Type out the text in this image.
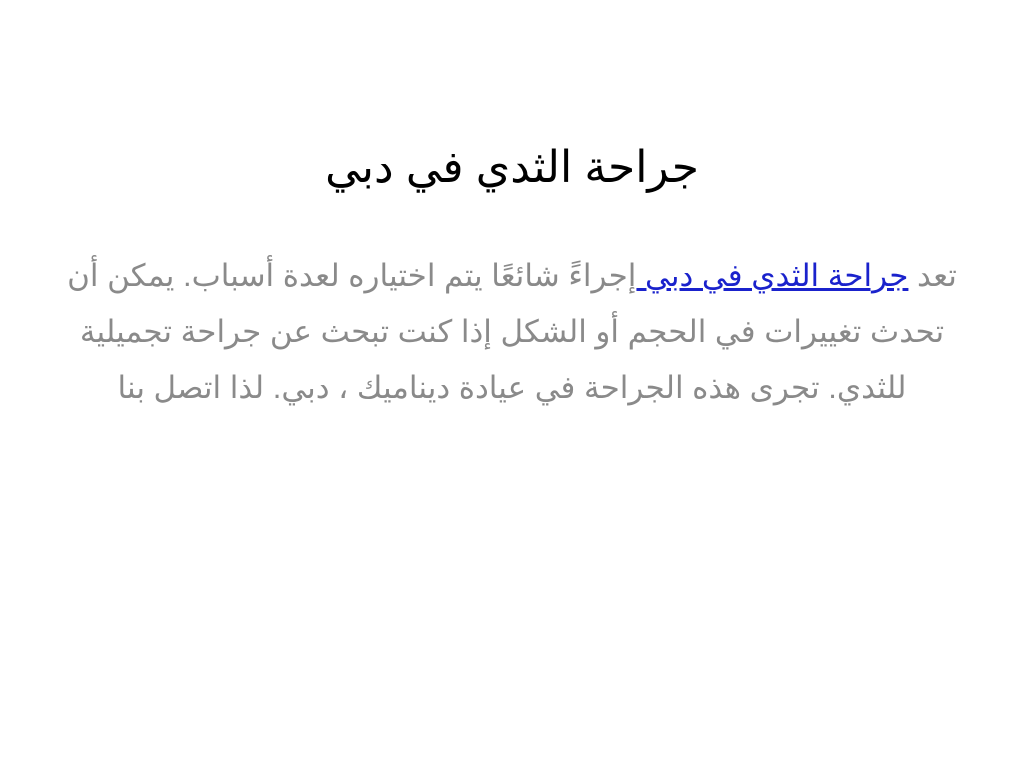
جراحة الثدي في دبي

تعد جراحة الثدي في دبي إجراءً شائعًا يتم اختياره لعدة أسباب. يمكن أن تحدث تغييرات في الحجم أو الشكل إذا كنت تبحث عن جراحة تجميلية للثدي. تجرى هذه الجراحة في عيادة ديناميك ، دبي. لذا اتصل بنا
